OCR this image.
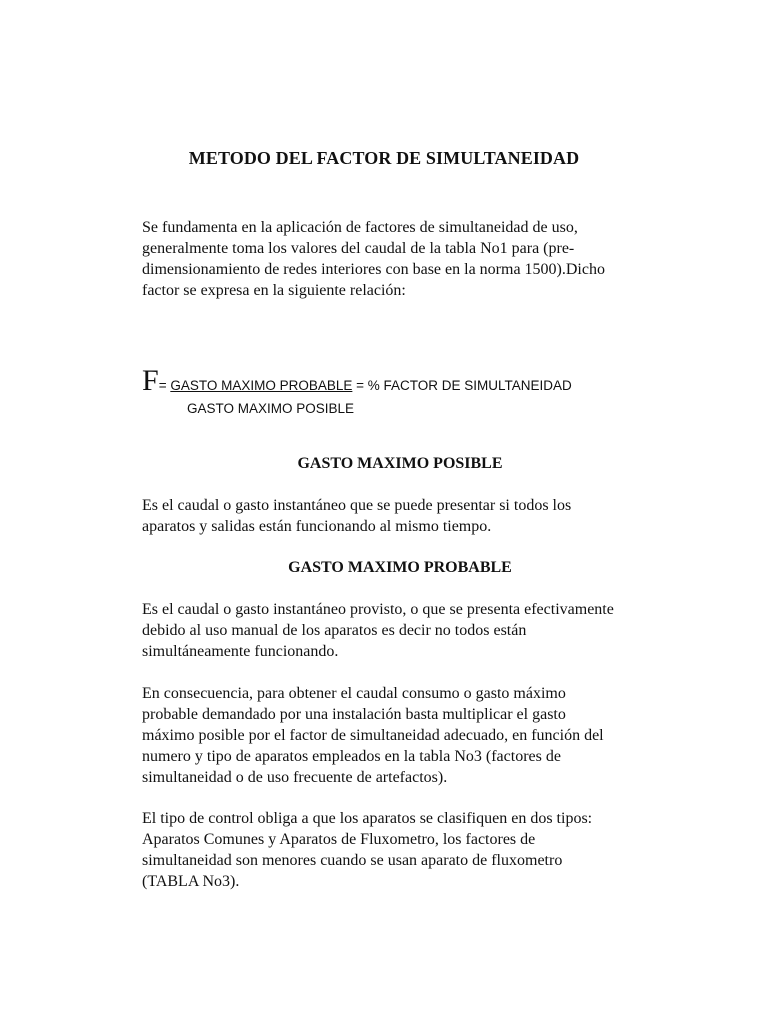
METODO DEL FACTOR DE SIMULTANEIDAD

Se fundamenta en la aplicación de factores de simultaneidad de uso,
generalmente toma los valores del caudal de la tabla No1 para (pre-
dimensionamiento de redes interiores con base en la norma 1500).Dicho
factor se expresa en la siguiente relación:

F= GASTO MAXIMO PROBABLE = % FACTOR DE SIMULTANEIDAD
GASTO MAXIMO POSIBLE
GASTO MAXIMO POSIBLE

Es el caudal o gasto instantáneo que se puede presentar si todos los
aparatos y salidas están funcionando al mismo tiempo.

GASTO MAXIMO PROBABLE

Es el caudal o gasto instantáneo provisto, o que se presenta efectivamente
debido al uso manual de los aparatos es decir no todos están
simultáneamente funcionando.

En consecuencia, para obtener el caudal consumo o gasto máximo
probable demandado por una instalación basta multiplicar el gasto
máximo posible por el factor de simultaneidad adecuado, en función del
numero y tipo de aparatos empleados en la tabla No3 (factores de
simultaneidad o de uso frecuente de artefactos).

El tipo de control obliga a que los aparatos se clasifiquen en dos tipos:
Aparatos Comunes y Aparatos de Fluxometro, los factores de
simultaneidad son menores cuando se usan aparato de fluxometro
(TABLA No3).
